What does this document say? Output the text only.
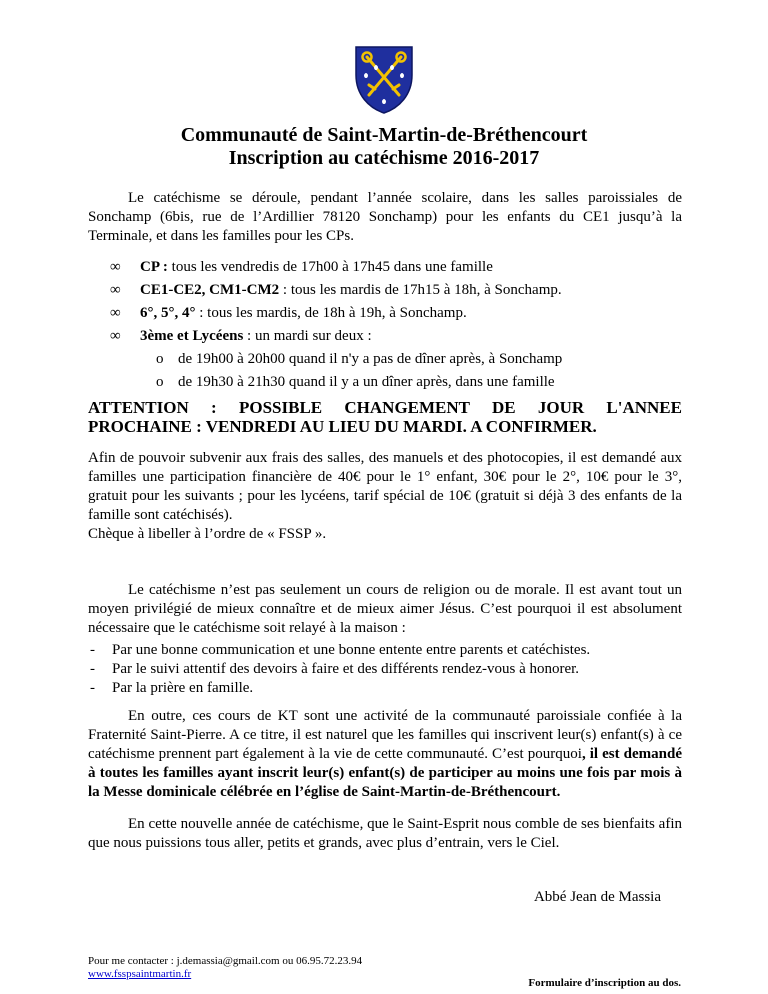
Communauté de Saint-Martin-de-Bréthencourt
Inscription au catéchisme 2016-2017
Le catéchisme se déroule, pendant l’année scolaire, dans les salles paroissiales de Sonchamp (6bis, rue de l’Ardillier 78120 Sonchamp) pour les enfants du CE1 jusqu’à la Terminale, et dans les familles pour les CPs.
∞	CP : tous les vendredis de 17h00 à 17h45 dans une famille
∞	CE1-CE2, CM1-CM2 : tous les mardis de 17h15 à 18h, à Sonchamp.
∞	6°, 5°, 4° : tous les mardis, de 18h à 19h, à Sonchamp.
∞	3ème et Lycéens : un mardi sur deux :
o de 19h00 à 20h00 quand il n'y a pas de dîner après, à Sonchamp
o de 19h30 à 21h30 quand il y a un dîner après, dans une famille
ATTENTION : POSSIBLE CHANGEMENT DE JOUR L'ANNEE
PROCHAINE : VENDREDI AU LIEU DU MARDI. A CONFIRMER.
Afin de pouvoir subvenir aux frais des salles, des manuels et des photocopies, il est demandé aux familles une participation financière de 40€ pour le 1° enfant, 30€ pour le 2°, 10€ pour le 3°, gratuit pour les suivants ; pour les lycéens, tarif spécial de 10€ (gratuit si déjà 3 des enfants de la famille sont catéchisés).
Chèque à libeller à l’ordre de « FSSP ».
Le catéchisme n’est pas seulement un cours de religion ou de morale. Il est avant tout un moyen privilégié de mieux connaître et de mieux aimer Jésus. C’est pourquoi il est absolument nécessaire que le catéchisme soit relayé à la maison :
- Par une bonne communication et une bonne entente entre parents et catéchistes.
- Par le suivi attentif des devoirs à faire et des différents rendez-vous à honorer.
- Par la prière en famille.
En outre, ces cours de KT sont une activité de la communauté paroissiale confiée à la Fraternité Saint-Pierre. A ce titre, il est naturel que les familles qui inscrivent leur(s) enfant(s) à ce catéchisme prennent part également à la vie de cette communauté. C’est pourquoi, il est demandé à toutes les familles ayant inscrit leur(s) enfant(s) de participer au moins une fois par mois à la Messe dominicale célébrée en l’église de Saint-Martin-de-Bréthencourt.
En cette nouvelle année de catéchisme, que le Saint-Esprit nous comble de ses bienfaits afin que nous puissions tous aller, petits et grands, avec plus d’entrain, vers le Ciel.
Abbé Jean de Massia
Pour me contacter : j.demassia@gmail.com ou 06.95.72.23.94
www.fsspsaintmartin.fr
Formulaire d’inscription au dos.
